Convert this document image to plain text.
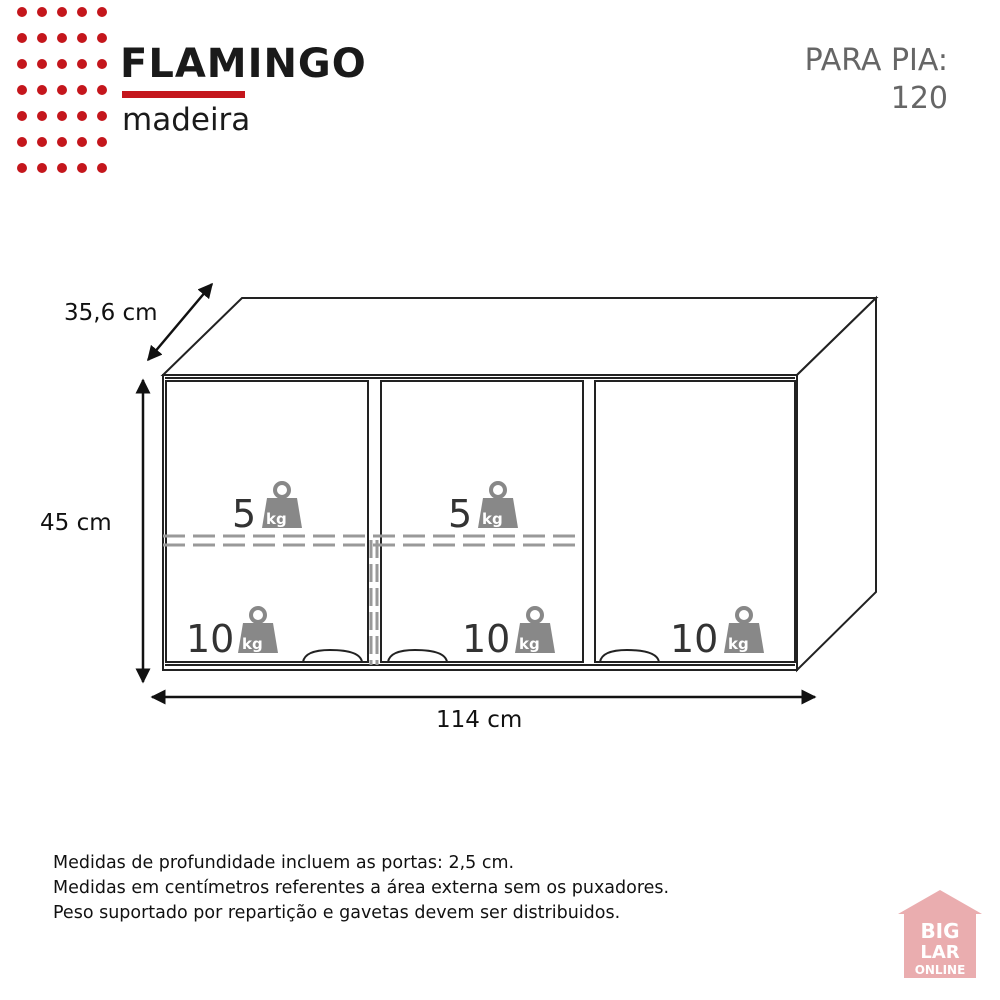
FLAMINGO
madeira
PARA PIA:
120
5 kg	5 kg
10 kg	10 kg	10 kg
35,6 cm
45 cm
114 cm
Medidas de profundidade incluem as portas: 2,5 cm.
Medidas em centímetros referentes a área externa sem os puxadores.
Peso suportado por repartição e gavetas devem ser distribuidos.
BIG
LAR
ONLINE
